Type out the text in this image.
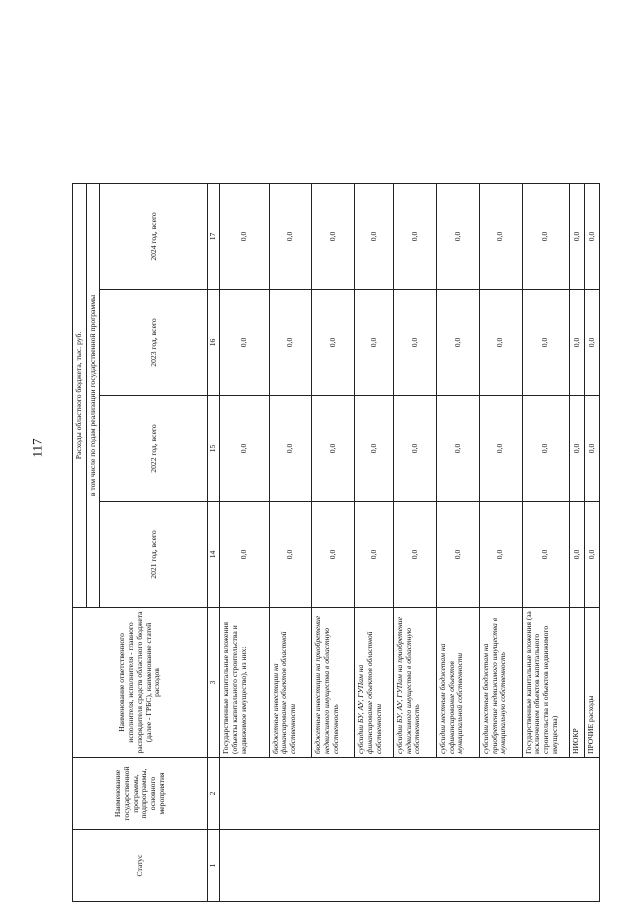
117
Статус	Наименование государственной программы, подпрограммы, основного мероприятия	Наименование ответственного исполнителя, исполнителя - главного распорядителя средств областного бюджета (далее - ГРБС), наименование статей расходов	Расходы областного бюджета, тыс. руб.			
			в том числе по годам реализации государственной программы			
			2021 год, всего	2022 год, всего	2023 год, всего	2024 год, всего
1	2	3	14	15	16	17
		Государственные капитальные вложения (объекты капитального строительства и недвижимое имущество), из них:	0,0	0,0	0,0	0,0
		бюджетные инвестиции на финансирование объектов областной собственности	0,0	0,0	0,0	0,0
		бюджетные инвестиции на приобретение недвижимого имущества в областную собственность	0,0	0,0	0,0	0,0
		субсидии БУ, АУ, ГУПам на финансирование объектов областной собственности	0,0	0,0	0,0	0,0
		субсидии БУ, АУ, ГУПам на приобретение недвижимого имущества в областную собственность	0,0	0,0	0,0	0,0
		субсидии местным бюджетам на софинансирование объектов муниципальной собственности	0,0	0,0	0,0	0,0
		субсидии местным бюджетам на приобретение недвижимого имущества в муниципальную собственность	0,0	0,0	0,0	0,0
		Государственные капитальные вложения (за исключением объектов капитального строительства и объектов недвижимого имущества)	0,0	0,0	0,0	0,0
		НИОКР	0,0	0,0	0,0	0,0
		ПРОЧИЕ расходы	0,0	0,0	0,0	0,0
